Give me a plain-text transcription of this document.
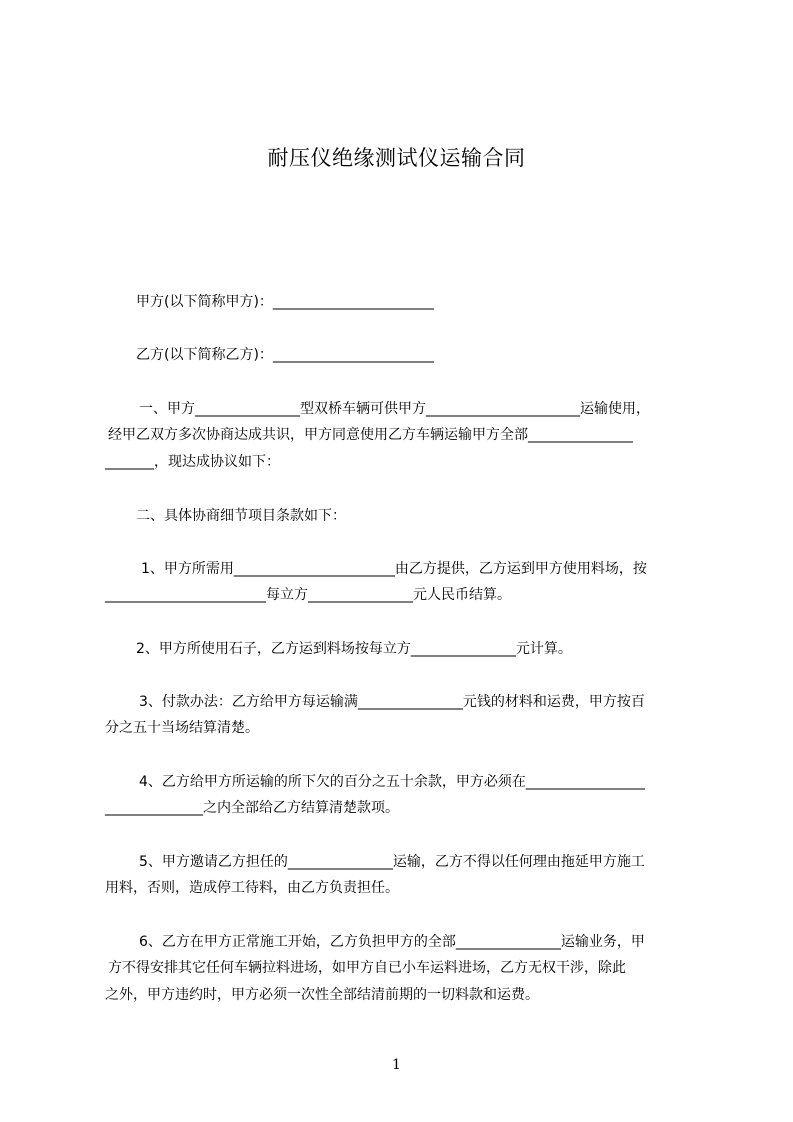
耐压仪绝缘测试仪运输合同
甲方(以下简称甲方)：_______________________
乙方(以下简称乙方)：_______________________
一、甲方_______________型双桥车辆可供甲方______________________运输使用，
经甲乙双方多次协商达成共识，甲方同意使用乙方车辆运输甲方全部_______________
_______，现达成协议如下：
二、具体协商细节项目条款如下：
1、甲方所需用_______________________由乙方提供，乙方运到甲方使用料场，按
_______________________每立方_______________元人民币结算。
2、甲方所使用石子，乙方运到料场按每立方_______________元计算。
3、付款办法：乙方给甲方每运输满_______________元钱的材料和运费，甲方按百
分之五十当场结算清楚。
4、乙方给甲方所运输的所下欠的百分之五十余款，甲方必须在_________________
______________之内全部给乙方结算清楚款项。
5、甲方邀请乙方担任的_______________运输，乙方不得以任何理由拖延甲方施工
用料，否则，造成停工待料，由乙方负责担任。
6、乙方在甲方正常施工开始，乙方负担甲方的全部_______________运输业务，甲
方不得安排其它任何车辆拉料进场，如甲方自已小车运料进场，乙方无权干涉，除此
之外，甲方违约时，甲方必须一次性全部结清前期的一切料款和运费。
1
